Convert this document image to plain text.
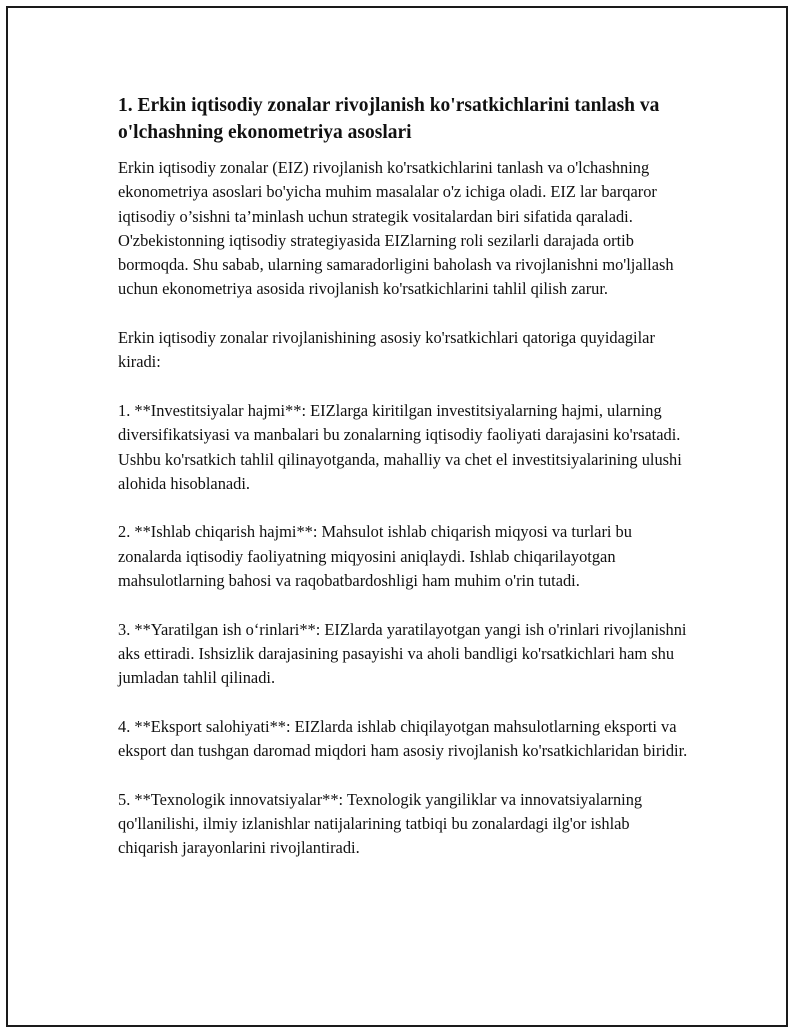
1. Erkin iqtisodiy zonalar rivojlanish ko'rsatkichlarini tanlash va o'lchashning ekonometriya asoslari

Erkin iqtisodiy zonalar (EIZ) rivojlanish ko'rsatkichlarini tanlash va o'lchashning ekonometriya asoslari bo'yicha muhim masalalar o'z ichiga oladi. EIZ lar barqaror iqtisodiy o’sishni ta’minlash uchun strategik vositalardan biri sifatida qaraladi. O'zbekistonning iqtisodiy strategiyasida EIZlarning roli sezilarli darajada ortib bormoqda. Shu sabab, ularning samaradorligini baholash va rivojlanishni mo'ljallash uchun ekonometriya asosida rivojlanish ko'rsatkichlarini tahlil qilish zarur.

Erkin iqtisodiy zonalar rivojlanishining asosiy ko'rsatkichlari qatoriga quyidagilar kiradi:

1. **Investitsiyalar hajmi**: EIZlarga kiritilgan investitsiyalarning hajmi, ularning diversifikatsiyasi va manbalari bu zonalarning iqtisodiy faoliyati darajasini ko'rsatadi. Ushbu ko'rsatkich tahlil qilinayotganda, mahalliy va chet el investitsiyalarining ulushi alohida hisoblanadi.

2. **Ishlab chiqarish hajmi**: Mahsulot ishlab chiqarish miqyosi va turlari bu zonalarda iqtisodiy faoliyatning miqyosini aniqlaydi. Ishlab chiqarilayotgan mahsulotlarning bahosi va raqobatbardoshligi ham muhim o'rin tutadi.

3. **Yaratilgan ish o‘rinlari**: EIZlarda yaratilayotgan yangi ish o'rinlari rivojlanishni aks ettiradi. Ishsizlik darajasining pasayishi va aholi bandligi ko'rsatkichlari ham shu jumladan tahlil qilinadi.

4. **Eksport salohiyati**: EIZlarda ishlab chiqilayotgan mahsulotlarning eksporti va eksport dan tushgan daromad miqdori ham asosiy rivojlanish ko'rsatkichlaridan biridir.

5. **Texnologik innovatsiyalar**: Texnologik yangiliklar va innovatsiyalarning qo'llanilishi, ilmiy izlanishlar natijalarining tatbiqi bu zonalardagi ilg'or ishlab chiqarish jarayonlarini rivojlantiradi.
